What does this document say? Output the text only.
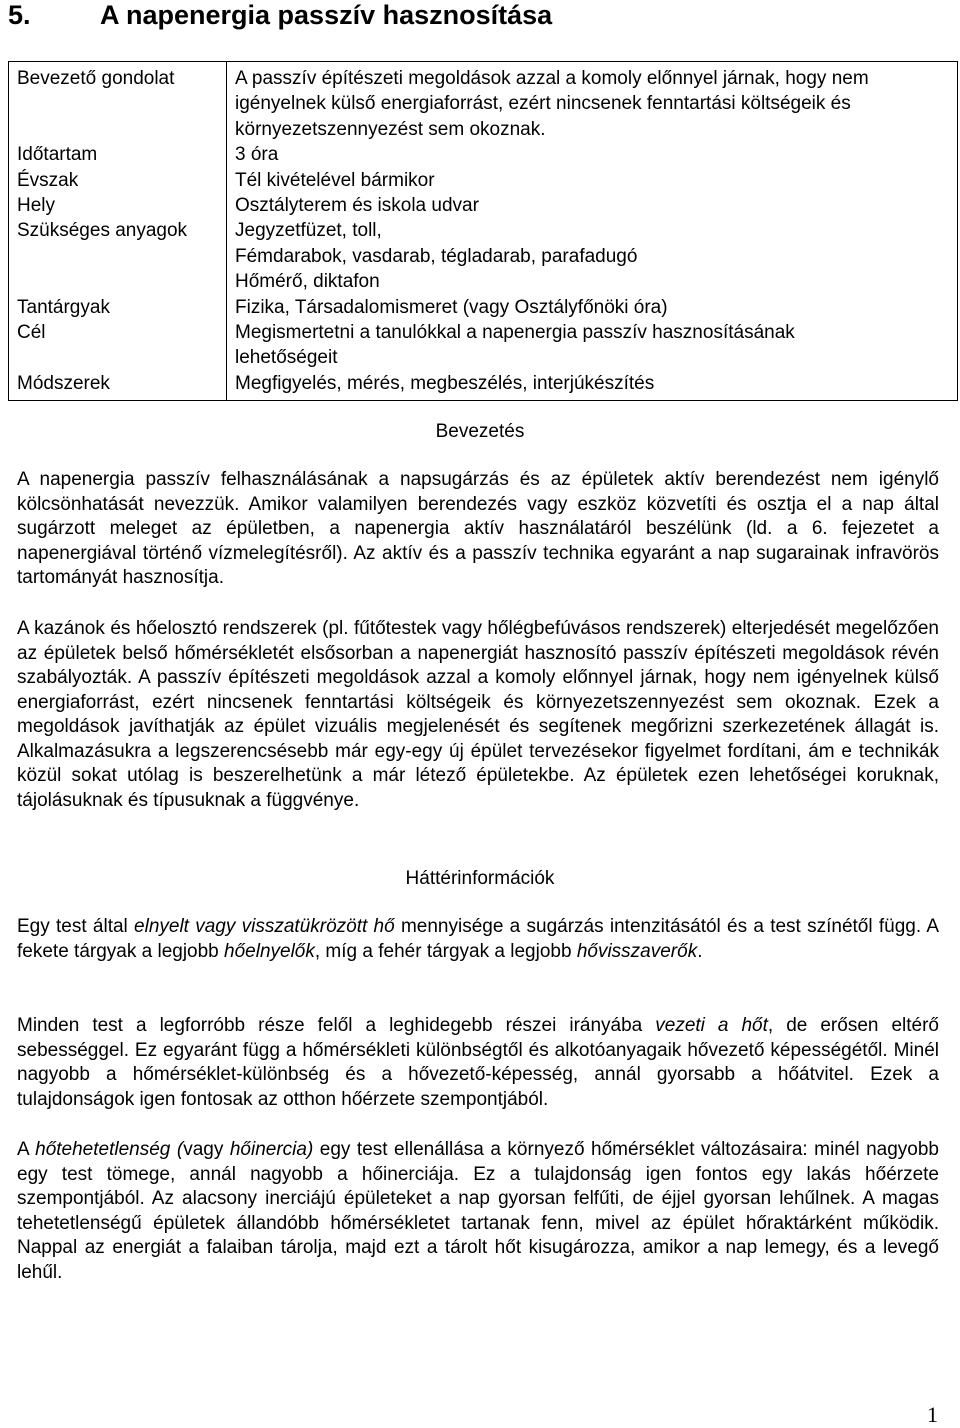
5.	A napenergia passzív hasznosítása
Bevezető gondolat	A passzív építészeti megoldások azzal a komoly előnnyel járnak, hogy nem
igényelnek külső energiaforrást, ezért nincsenek fenntartási költségeik és
környezetszennyezést sem okoznak.

Időtartam	3 óra

Évszak	Tél kivételével bármikor

Hely	Osztályterem és iskola udvar

Szükséges anyagok	Jegyzetfüzet, toll,
Fémdarabok, vasdarab, tégladarab, parafadugó
Hőmérő, diktafon

Tantárgyak	Fizika, Társadalomismeret (vagy Osztályfőnöki óra)

Cél	Megismertetni a tanulókkal a napenergia passzív hasznosításának
lehetőségeit

Módszerek	Megfigyelés, mérés, megbeszélés, interjúkészítés
Bevezetés

A napenergia passzív felhasználásának a napsugárzás és az épületek aktív berendezést nem igénylő kölcsönhatását nevezzük. Amikor valamilyen berendezés vagy eszköz közvetíti és osztja el a nap által sugárzott meleget az épületben, a napenergia aktív használatáról beszélünk (ld. a 6. fejezetet a napenergiával történő vízmelegítésről). Az aktív és a passzív technika egyaránt a nap sugarainak infravörös tartományát hasznosítja.

A kazánok és hőelosztó rendszerek (pl. fűtőtestek vagy hőlégbefúvásos rendszerek) elterjedését megelőzően az épületek belső hőmérsékletét elsősorban a napenergiát hasznosító passzív építészeti megoldások révén szabályozták. A passzív építészeti megoldások azzal a komoly előnnyel járnak, hogy nem igényelnek külső energiaforrást, ezért nincsenek fenntartási költségeik és környezetszennyezést sem okoznak. Ezek a megoldások javíthatják az épület vizuális megjelenését és segítenek megőrizni szerkezetének állagát is. Alkalmazásukra a legszerencsésebb már egy-egy új épület tervezésekor figyelmet fordítani, ám e technikák közül sokat utólag is beszerelhetünk a már létező épületekbe. Az épületek ezen lehetőségei koruknak, tájolásuknak és típusuknak a függvénye.

Háttérinformációk

Egy test által elnyelt vagy visszatükrözött hő mennyisége a sugárzás intenzitásától és a test színétől függ. A fekete tárgyak a legjobb hőelnyelők, míg a fehér tárgyak a legjobb hővisszaverők.

Minden test a legforróbb része felől a leghidegebb részei irányába vezeti a hőt, de erősen eltérő sebességgel. Ez egyaránt függ a hőmérsékleti különbségtől és alkotóanyagaik hővezető képességétől. Minél nagyobb a hőmérséklet-különbség és a hővezető-képesség, annál gyorsabb a hőátvitel. Ezek a tulajdonságok igen fontosak az otthon hőérzete szempontjából.

A hőtehetetlenség (vagy hőinercia) egy test ellenállása a környező hőmérséklet változásaira: minél nagyobb egy test tömege, annál nagyobb a hőinerciája. Ez a tulajdonság igen fontos egy lakás hőérzete szempontjából. Az alacsony inerciájú épületeket a nap gyorsan felfűti, de éjjel gyorsan lehűlnek. A magas tehetetlenségű épületek állandóbb hőmérsékletet tartanak fenn, mivel az épület hőraktárként működik. Nappal az energiát a falaiban tárolja, majd ezt a tárolt hőt kisugározza, amikor a nap lemegy, és a levegő lehűl.

1
